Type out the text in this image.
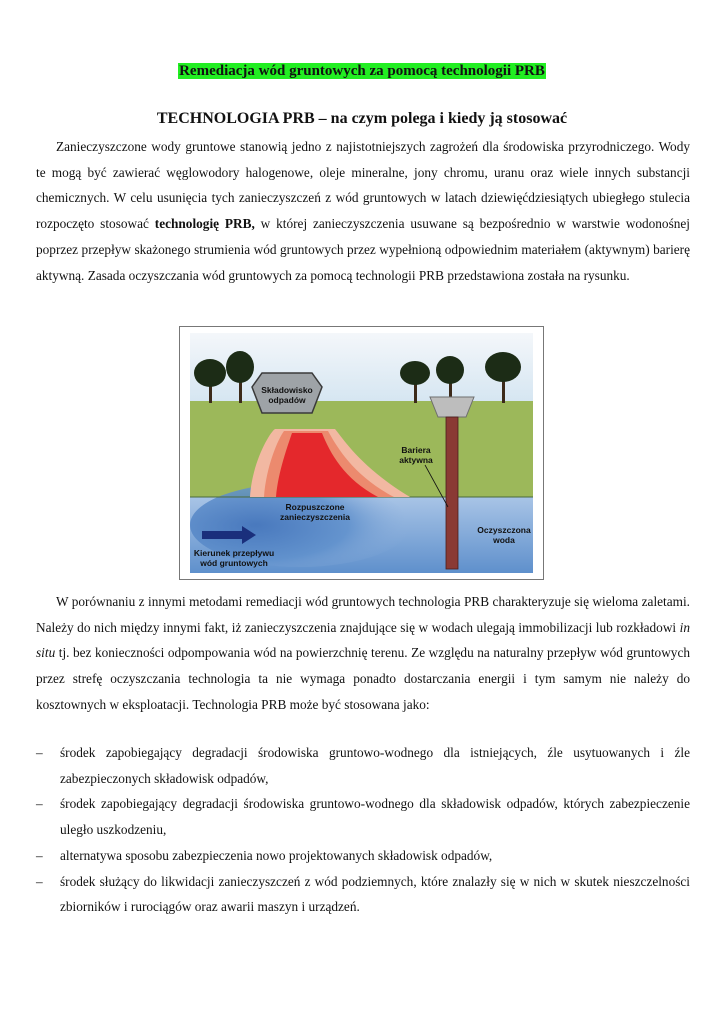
Remediacja wód gruntowych za pomocą technologii PRB
TECHNOLOGIA PRB – na czym polega i kiedy ją stosować

Zanieczyszczone wody gruntowe stanowią jedno z najistotniejszych zagrożeń dla środowiska przyrodniczego. Wody te mogą być zawierać węglowodory halogenowe, oleje mineralne, jony chromu, uranu oraz wiele innych substancji chemicznych. W celu usunięcia tych zanieczyszczeń z wód gruntowych w latach dziewięćdziesiątych ubiegłego stulecia rozpoczęto stosować technologię PRB, w której zanieczyszczenia usuwane są bezpośrednio w warstwie wodonośnej poprzez przepływ skażonego strumienia wód gruntowych przez wypełnioną odpowiednim materiałem (aktywnym) barierę aktywną. Zasada oczyszczania wód gruntowych za pomocą technologii PRB przedstawiona została na rysunku.

Składowisko
odpadów
Bariera
aktywna
Rozpuszczone
zanieczyszczenia
Oczyszczona
woda
Kierunek przepływu
wód gruntowych

W porównaniu z innymi metodami remediacji wód gruntowych technologia PRB charakteryzuje się wieloma zaletami. Należy do nich między innymi fakt, iż zanieczyszczenia znajdujące się w wodach ulegają immobilizacji lub rozkładowi in situ tj. bez konieczności odpompowania wód na powierzchnię terenu. Ze względu na naturalny przepływ wód gruntowych przez strefę oczyszczania technologia ta nie wymaga ponadto dostarczania energii i tym samym nie należy do kosztownych w eksploatacji. Technologia PRB może być stosowana jako:

– środek zapobiegający degradacji środowiska gruntowo-wodnego dla istniejących, źle usytuowanych i źle zabezpieczonych składowisk odpadów,
– środek zapobiegający degradacji środowiska gruntowo-wodnego dla składowisk odpadów, których zabezpieczenie uległo uszkodzeniu,
– alternatywa sposobu zabezpieczenia nowo projektowanych składowisk odpadów,
– środek służący do likwidacji zanieczyszczeń z wód podziemnych, które znalazły się w nich w skutek nieszczelności zbiorników i rurociągów oraz awarii maszyn i urządzeń.
